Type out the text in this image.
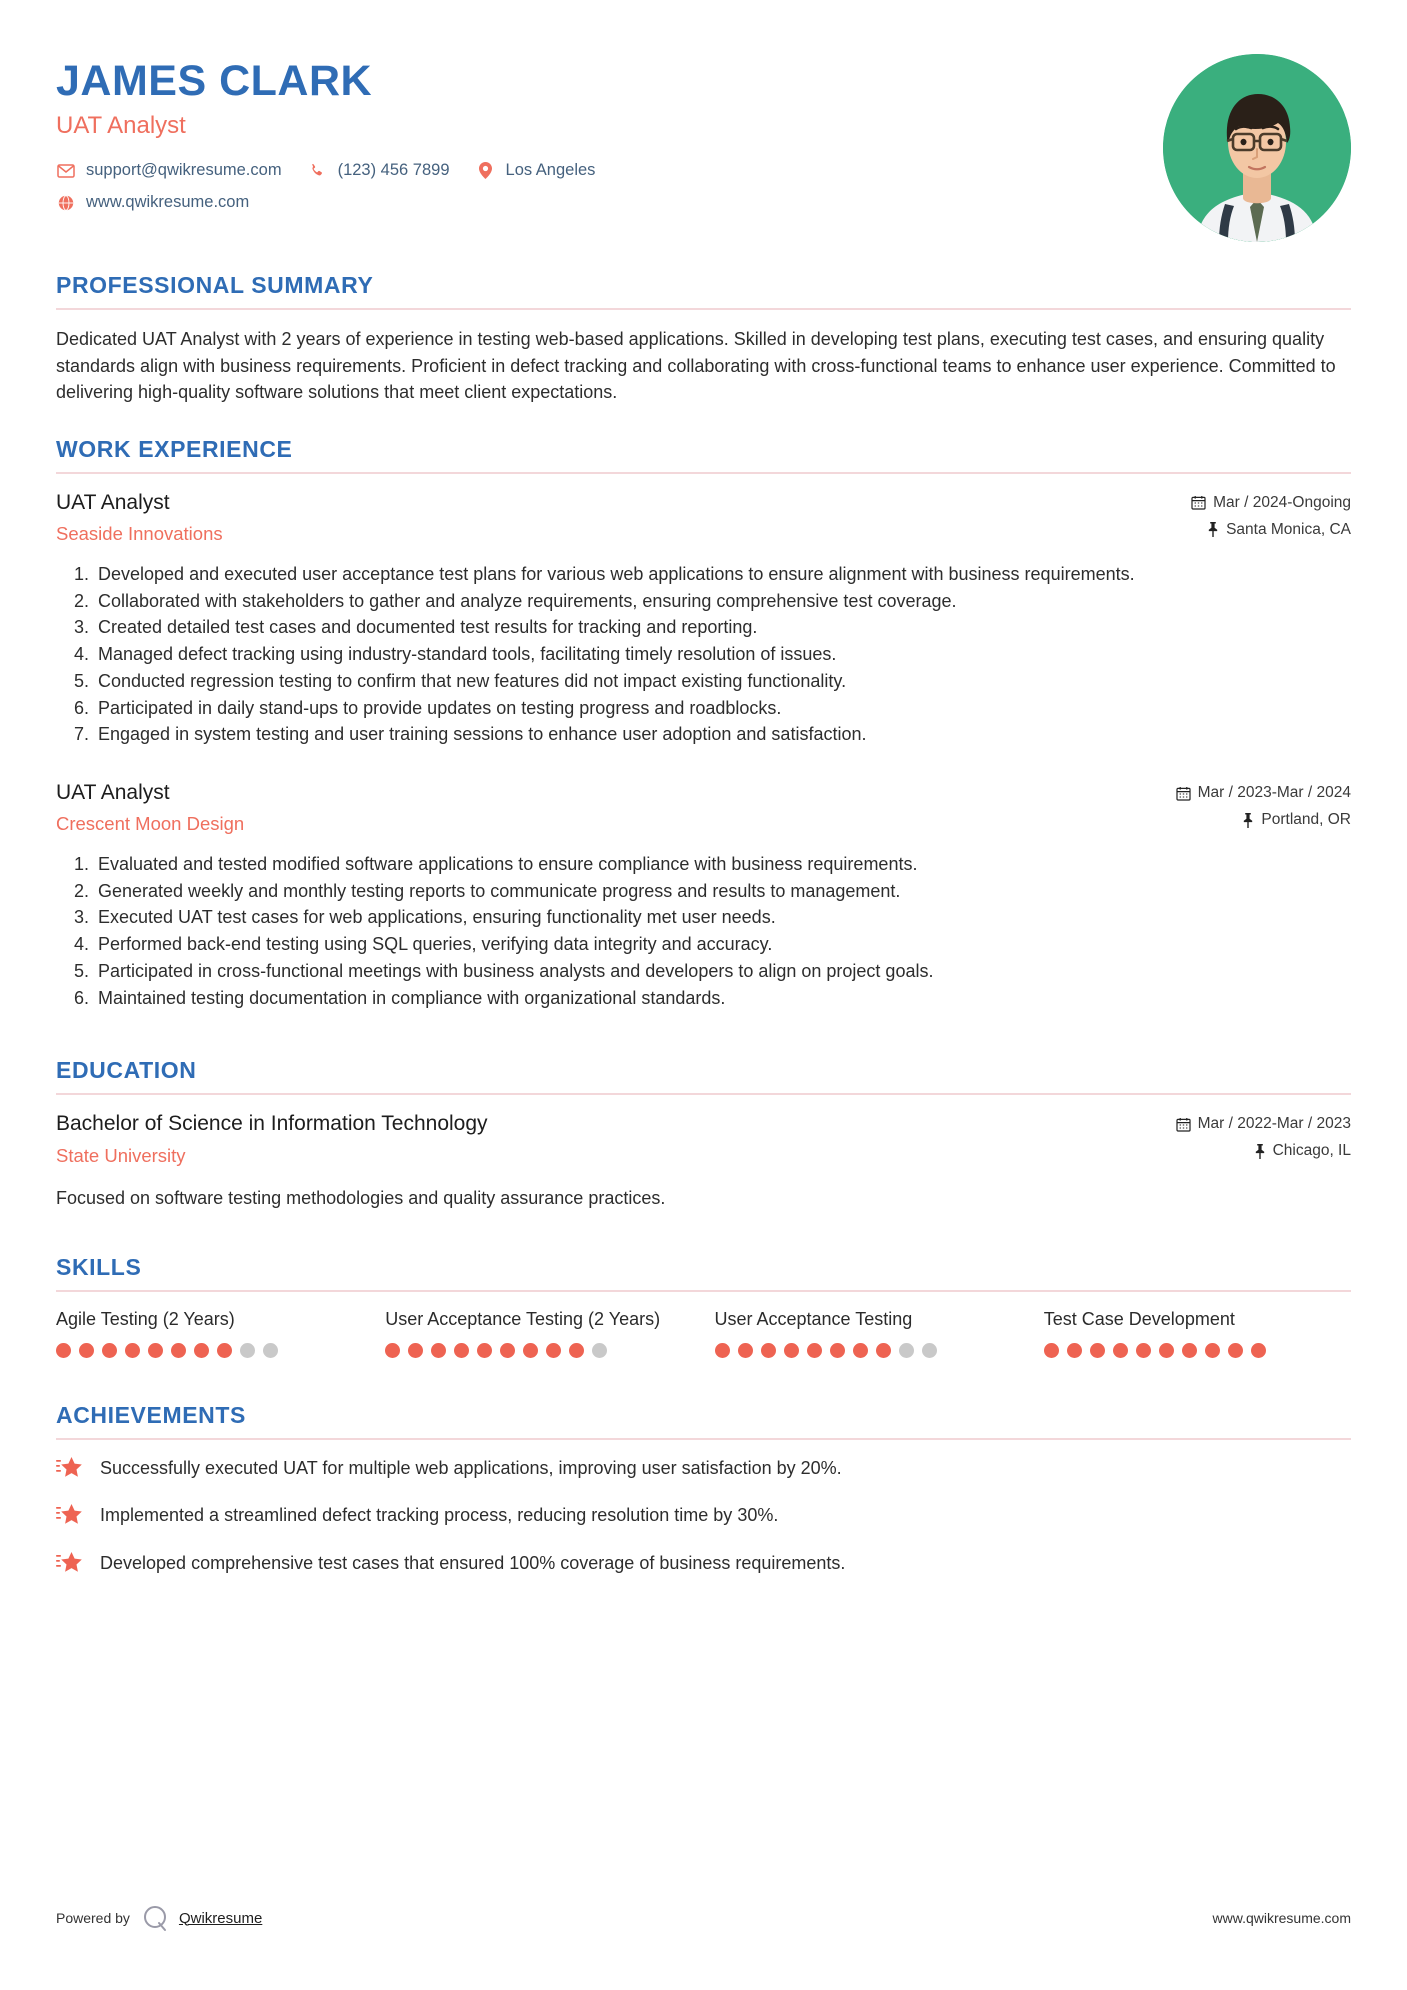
JAMES CLARK
UAT Analyst
support@qwikresume.com	(123) 456 7899	Los Angeles
www.qwikresume.com
PROFESSIONAL SUMMARY

Dedicated UAT Analyst with 2 years of experience in testing web-based applications. Skilled in developing test plans, executing test cases, and ensuring quality standards align with business requirements. Proficient in defect tracking and collaborating with cross-functional teams to enhance user experience. Committed to delivering high-quality software solutions that meet client expectations.

WORK EXPERIENCE
UAT Analyst
Seaside Innovations
Mar / 2024-Ongoing
Santa Monica, CA
1. Developed and executed user acceptance test plans for various web applications to ensure alignment with business requirements.
2. Collaborated with stakeholders to gather and analyze requirements, ensuring comprehensive test coverage.
3. Created detailed test cases and documented test results for tracking and reporting.
4. Managed defect tracking using industry-standard tools, facilitating timely resolution of issues.
5. Conducted regression testing to confirm that new features did not impact existing functionality.
6. Participated in daily stand-ups to provide updates on testing progress and roadblocks.
7. Engaged in system testing and user training sessions to enhance user adoption and satisfaction.
UAT Analyst
Crescent Moon Design
Mar / 2023-Mar / 2024
Portland, OR
1. Evaluated and tested modified software applications to ensure compliance with business requirements.
2. Generated weekly and monthly testing reports to communicate progress and results to management.
3. Executed UAT test cases for web applications, ensuring functionality met user needs.
4. Performed back-end testing using SQL queries, verifying data integrity and accuracy.
5. Participated in cross-functional meetings with business analysts and developers to align on project goals.
6. Maintained testing documentation in compliance with organizational standards.
EDUCATION
Bachelor of Science in Information Technology
State University
Mar / 2022-Mar / 2023
Chicago, IL

Focused on software testing methodologies and quality assurance practices.

SKILLS
Agile Testing (2 Years)	User Acceptance Testing (2 Years)	User Acceptance Testing	Test Case Development
ACHIEVEMENTS
Successfully executed UAT for multiple web applications, improving user satisfaction by 20%.
Implemented a streamlined defect tracking process, reducing resolution time by 30%.
Developed comprehensive test cases that ensured 100% coverage of business requirements.
Powered by	Qwikresume	www.qwikresume.com
